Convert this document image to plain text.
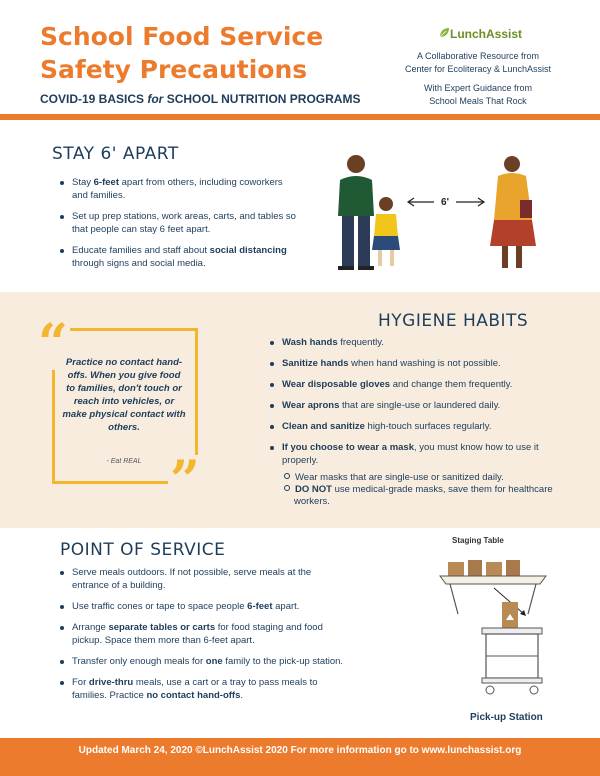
School Food Service
Safety Precautions
COVID-19 BASICS for SCHOOL NUTRITION PROGRAMS
LunchAssist
A Collaborative Resource from
Center for Ecoliteracy & LunchAssist
With Expert Guidance from
School Meals That Rock
STAY 6' APART
Stay 6-feet apart from others, including coworkers and families.
Set up prep stations, work areas, carts, and tables so that people can stay 6 feet apart.
Educate families and staff about social distancing through signs and social media.
6'
HYGIENE HABITS
“
”
Practice no contact hand-offs. When you give food to families, don't touch or reach into vehicles, or make physical contact with others.
- Eat REAL
Wash hands frequently.
Sanitize hands when hand washing is not possible.
Wear disposable gloves and change them frequently.
Wear aprons that are single-use or laundered daily.
Clean and sanitize high-touch surfaces regularly.
If you choose to wear a mask, you must know how to use it properly.
Wear masks that are single-use or sanitized daily.
DO NOT use medical-grade masks, save them for healthcare workers.
POINT OF SERVICE
Serve meals outdoors. If not possible, serve meals at the entrance of a building.
Use traffic cones or tape to space people 6-feet apart.
Arrange separate tables or carts for food staging and food pickup. Space them more than 6-feet apart.
Transfer only enough meals for one family to the pick-up station.
For drive-thru meals, use a cart or a tray to pass meals to families. Practice no contact hand-offs.
Staging Table
Pick-up Station
Updated March 24, 2020 ©LunchAssist 2020 For more information go to www.lunchassist.org
